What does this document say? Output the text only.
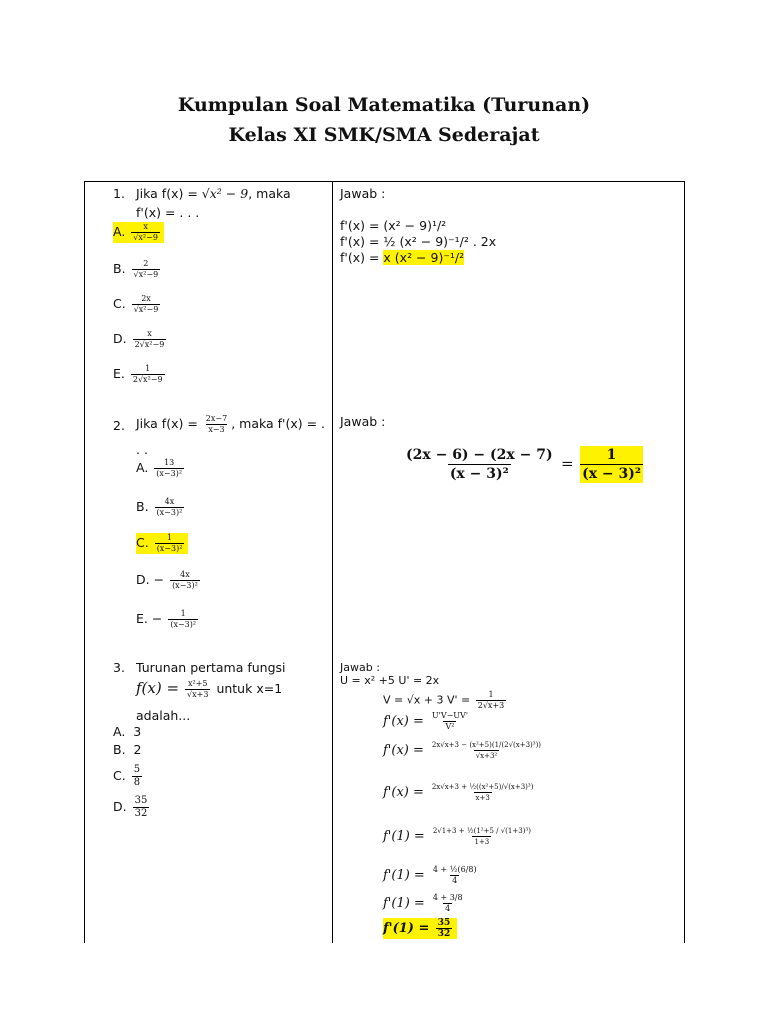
Kumpulan Soal Matematika (Turunan)
Kelas XI SMK/SMA Sederajat
1. Jika f(x) = √x² − 9, maka
f'(x) = . . .
A. $\frac{x}{\text{√x²−9}}$
B. $\frac{2}{\text{√x²−9}}$
C. $\frac{2x}{\text{√x²−9}}$
D. $\frac{x}{\text{2√x²−9}}$
E. $\frac{1}{\text{2√x²−9}}$
Jawab :
f'(x) = (x² − 9)¹/²
f'(x) = ½ (x² − 9)⁻¹/² . 2x
f'(x) = x (x² − 9)⁻¹/²
2. Jika $f(x) = \frac{2x-7}{x-3}$ , maka f'(x) = .
. .
A. $\frac{13}{\text{(x−3)²}}$
B. $\frac{4x}{\text{(x−3)²}}$
C. $\frac{1}{\text{(x−3)²}}$
D. − $\frac{4x}{\text{(x−3)²}}$
E. − $\frac{1}{\text{(x−3)²}}$
Jawab :
$\frac{(2x - 6) - (2x - 7)}{\text{(x − 3)²}} = \frac{1}{\text{(x − 3)²}}$
3. Turunan pertama fungsi
$f(x) = \frac{\text{x²+5}}{√x+3}$ untuk x=1
adalah...
A. 3
B. 2
C. $\frac{5}{8}$
D. $\frac{35}{32}$
Jawab :
U = x² +5 U' = 2x
V = √x + 3 $V' = \frac{1}{2√x+3}$
$f'(x) = \frac{U'V-UV'}{\text{V²}}$
$f'(x) = \frac{\text{2x√x+3 − (x²+5)(1/(2√(x+3)³))}}{\text{√x+3²}}$
$f'(x) = \frac{\text{2x√x+3 + ½((x²+5)/√(x+3)³)}}{x+3}$
$f'(1) = \frac{\text{2√1+3 + ½(1²+5 / √(1+3)³)}}{1+3}$
$f'(1) = \frac{\text{4 + ½(6/8)}}{4}$
$f'(1) = \frac{4 + 3/8}{4}$
$f'(1) = \frac{35}{32}$
